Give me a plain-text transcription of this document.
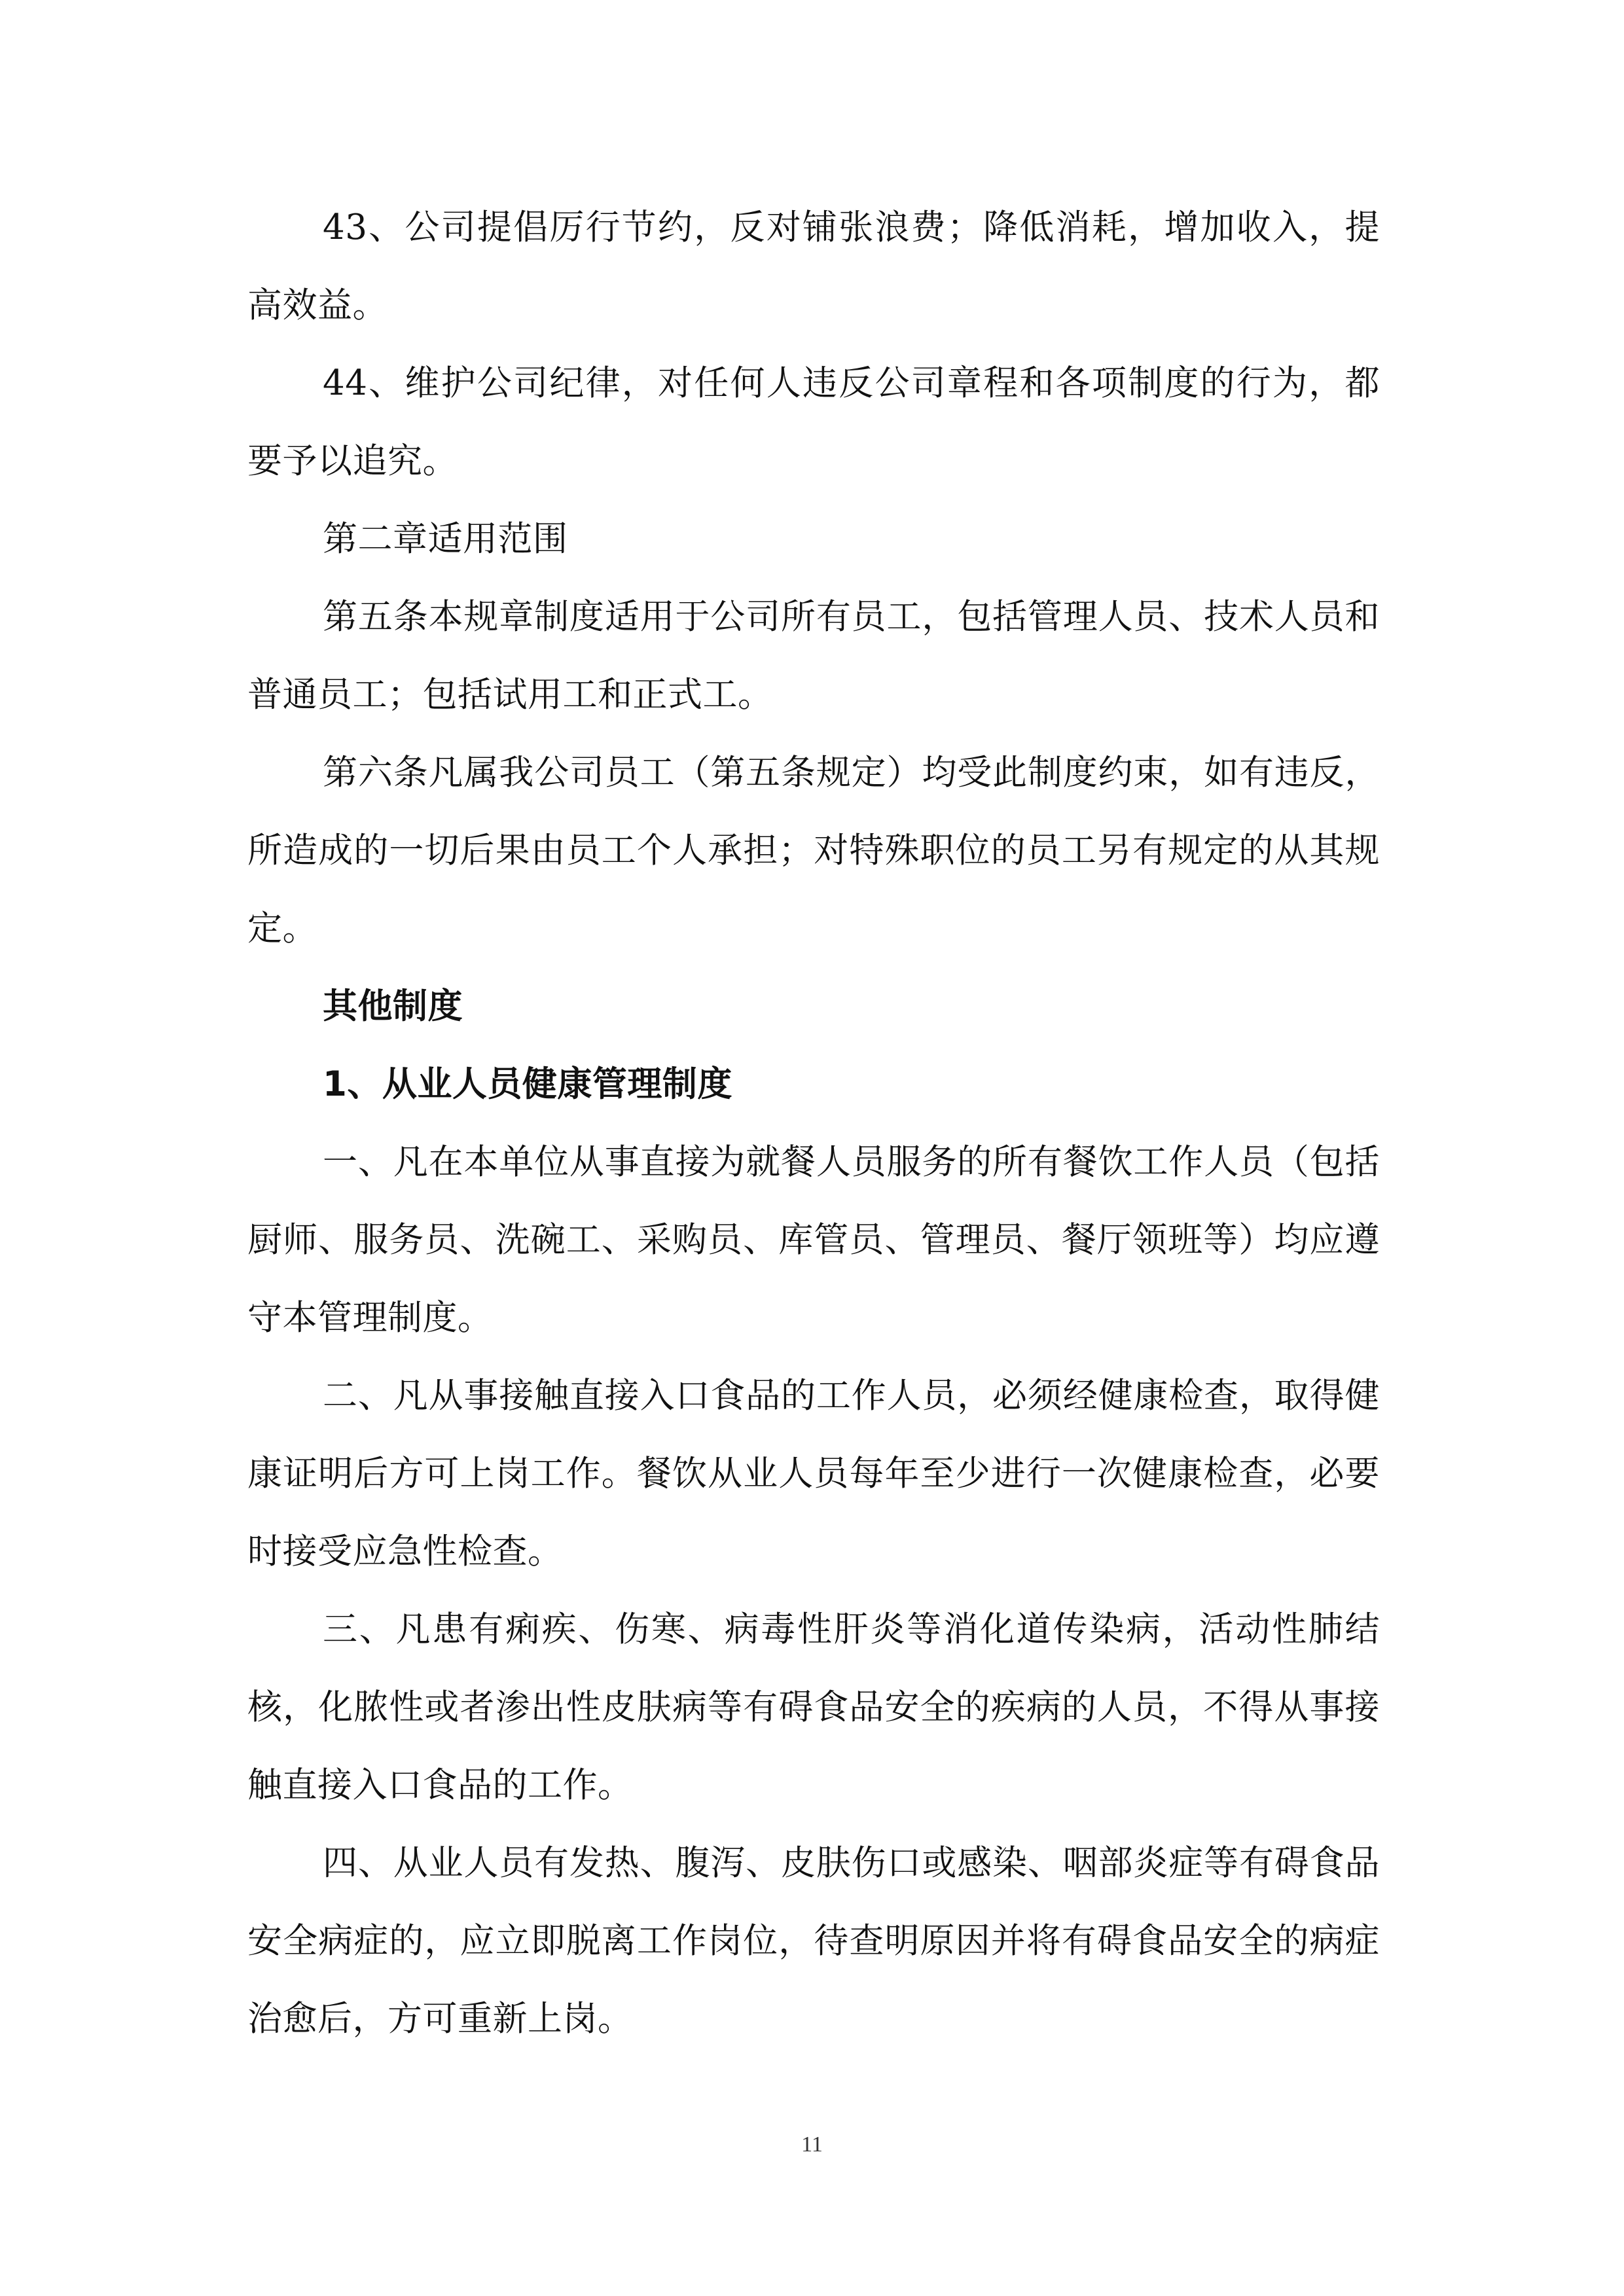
43、公司提倡厉行节约，反对铺张浪费；降低消耗，增加收入，提高效益。

44、维护公司纪律，对任何人违反公司章程和各项制度的行为，都要予以追究。

第二章适用范围

第五条本规章制度适用于公司所有员工，包括管理人员、技术人员和普通员工；包括试用工和正式工。

第六条凡属我公司员工（第五条规定）均受此制度约束，如有违反，所造成的一切后果由员工个人承担；对特殊职位的员工另有规定的从其规定。

其他制度

1、从业人员健康管理制度

一、凡在本单位从事直接为就餐人员服务的所有餐饮工作人员（包括厨师、服务员、洗碗工、采购员、库管员、管理员、餐厅领班等）均应遵守本管理制度。

二、凡从事接触直接入口食品的工作人员，必须经健康检查，取得健康证明后方可上岗工作。餐饮从业人员每年至少进行一次健康检查，必要时接受应急性检查。

三、凡患有痢疾、伤寒、病毒性肝炎等消化道传染病，活动性肺结核，化脓性或者渗出性皮肤病等有碍食品安全的疾病的人员，不得从事接触直接入口食品的工作。

四、从业人员有发热、腹泻、皮肤伤口或感染、咽部炎症等有碍食品安全病症的，应立即脱离工作岗位，待查明原因并将有碍食品安全的病症治愈后，方可重新上岗。

11
